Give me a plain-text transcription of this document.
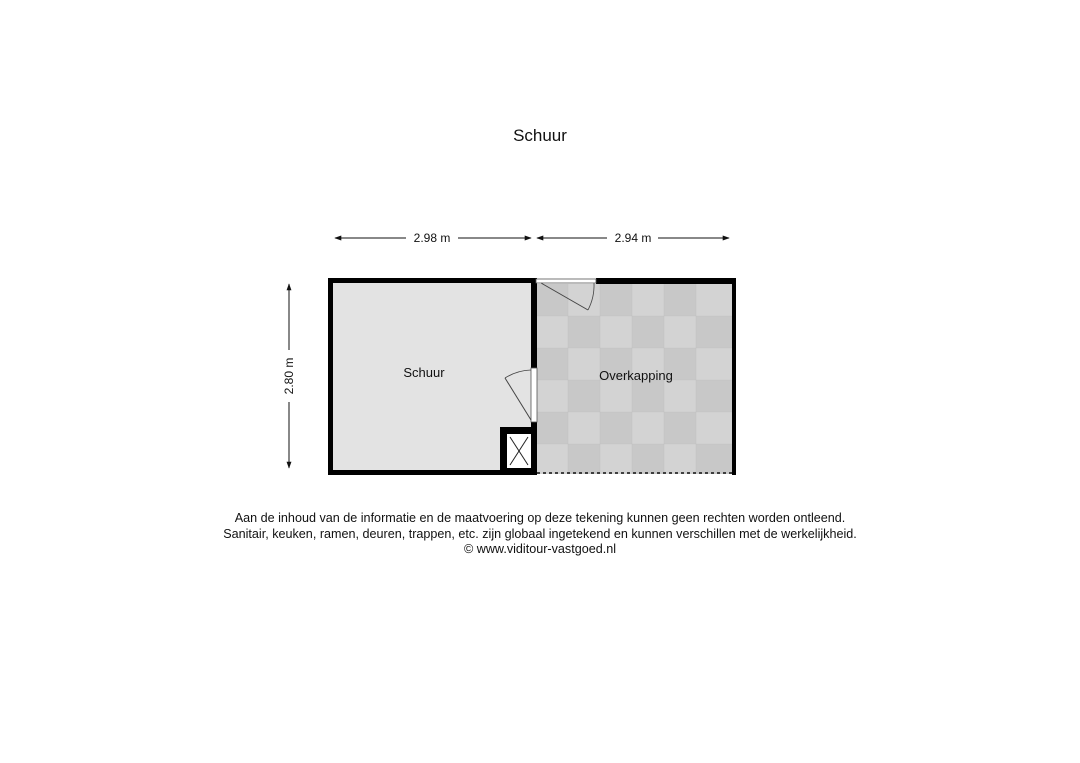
Schuur
2.98 m	2.94 m
2.80 m	Schuur	Overkapping
Aan de inhoud van de informatie en de maatvoering op deze tekening kunnen geen rechten worden ontleend.
Sanitair, keuken, ramen, deuren, trappen, etc. zijn globaal ingetekend en kunnen verschillen met de werkelijkheid.
© www.viditour-vastgoed.nl
